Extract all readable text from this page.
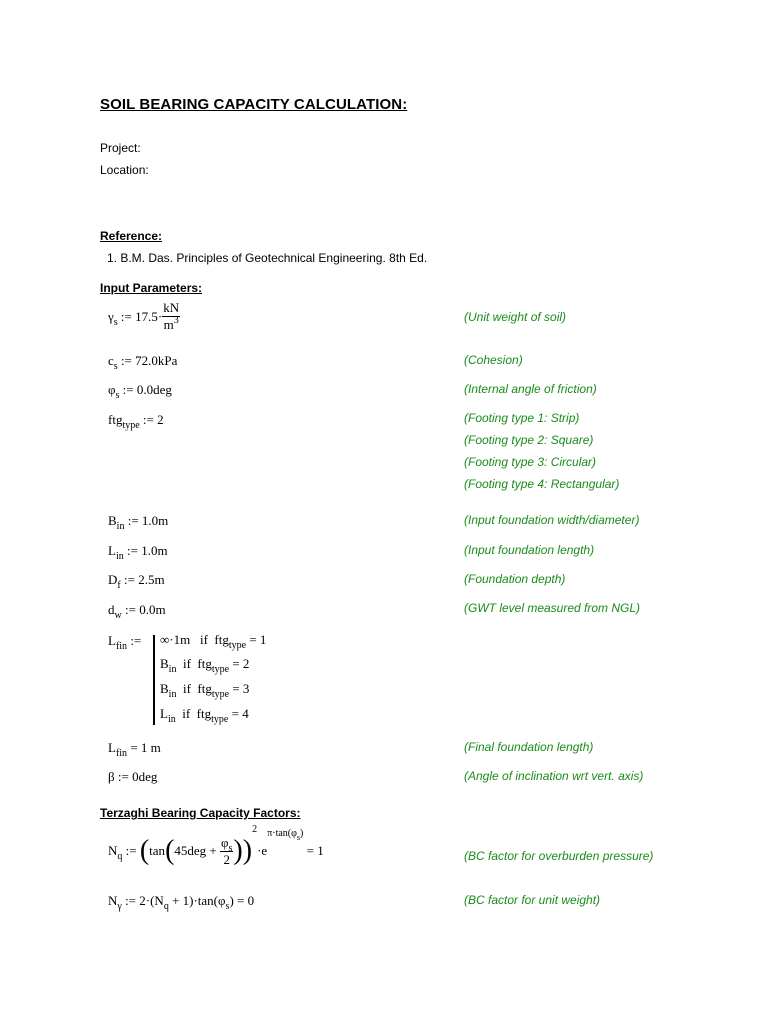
SOIL BEARING CAPACITY CALCULATION:
Project:
Location:
Reference:
1. B.M. Das. Principles of Geotechnical Engineering. 8th Ed.
Input Parameters:
$\gamma_s$ := $17.5\cdot \frac{kN}{m^3}$	(Unit weight of soil)
$c_s$ := 72.0kPa	(Cohesion)
$\varphi_s$ := 0.0deg	(Internal angle of friction)
ftg$_{type}$ := 2	(Footing type 1: Strip)
(Footing type 2: Square)
(Footing type 3: Circular)
(Footing type 4: Rectangular)
$B_{in}$ := 1.0m	(Input foundation width/diameter)
$L_{in}$ := 1.0m	(Input foundation length)
$D_f$ := 2.5m	(Foundation depth)
$d_w$ := 0.0m	(GWT level measured from NGL)
$L_{fin}$ := ∞·1m   if  ftg$_{type}$ = 1
$B_{in}$  if  ftg$_{type}$ = 2
$B_{in}$  if  ftg$_{type}$ = 3
$L_{in}$  if  ftg$_{type}$ = 4
$L_{fin} = 1$ m	(Final foundation length)
β := 0deg	(Angle of inclination wrt vert. axis)
Terzaghi Bearing Capacity Factors:
$N_q$ := $(\tan(45deg + \frac{\varphi_s}{2} ))^2\cdot e^{\pi\cdot tan(\varphi_s)} = 1$	(BC factor for overburden pressure)
$N_\gamma$ := $2\cdot(N_q + 1)\cdot\tan(\varphi_s) = 0$	(BC factor for unit weight)
